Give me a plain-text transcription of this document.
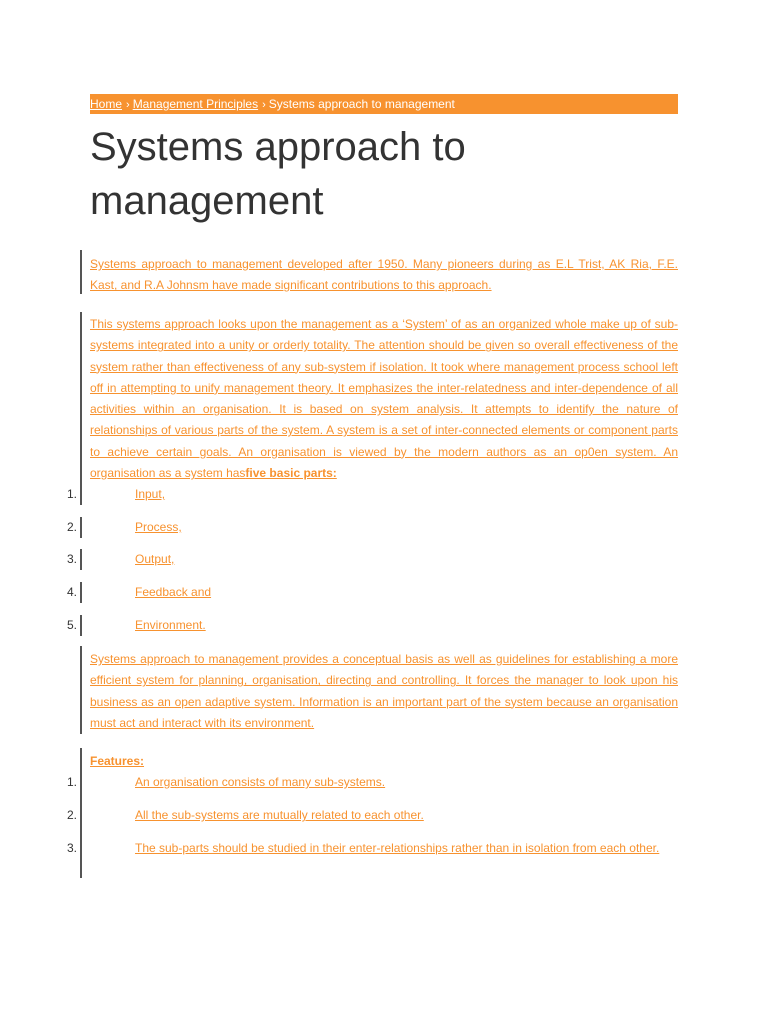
Home › Management Principles › Systems approach to management
Systems approach to management
Systems approach to management developed after 1950. Many pioneers during as E.L Trist, AK Ria, F.E. Kast, and R.A Johnsm have made significant contributions to this approach.
This systems approach looks upon the management as a ‘System’ of as an organized whole make up of sub-systems integrated into a unity or orderly totality. The attention should be given so overall effectiveness of the system rather than effectiveness of any sub-system if isolation. It took where management process school left off in attempting to unify management theory. It emphasizes the inter-relatedness and inter-dependence of all activities within an organisation. It is based on system analysis. It attempts to identify the nature of relationships of various parts of the system. A system is a set of inter-connected elements or component parts to achieve certain goals. An organisation is viewed by the modern authors as an op0en system. An organisation as a system hasfive basic parts:
1.	Input,
2.	Process,
3.	Output,
4.	Feedback and
5.	Environment.
Systems approach to management provides a conceptual basis as well as guidelines for establishing a more efficient system for planning, organisation, directing and controlling. It forces the manager to look upon his business as an open adaptive system. Information is an important part of the system because an organisation must act and interact with its environment.
Features:
1.	An organisation consists of many sub-systems.
2.	All the sub-systems are mutually related to each other.
3.	The sub-parts should be studied in their enter-relationships rather than in isolation from each other.
